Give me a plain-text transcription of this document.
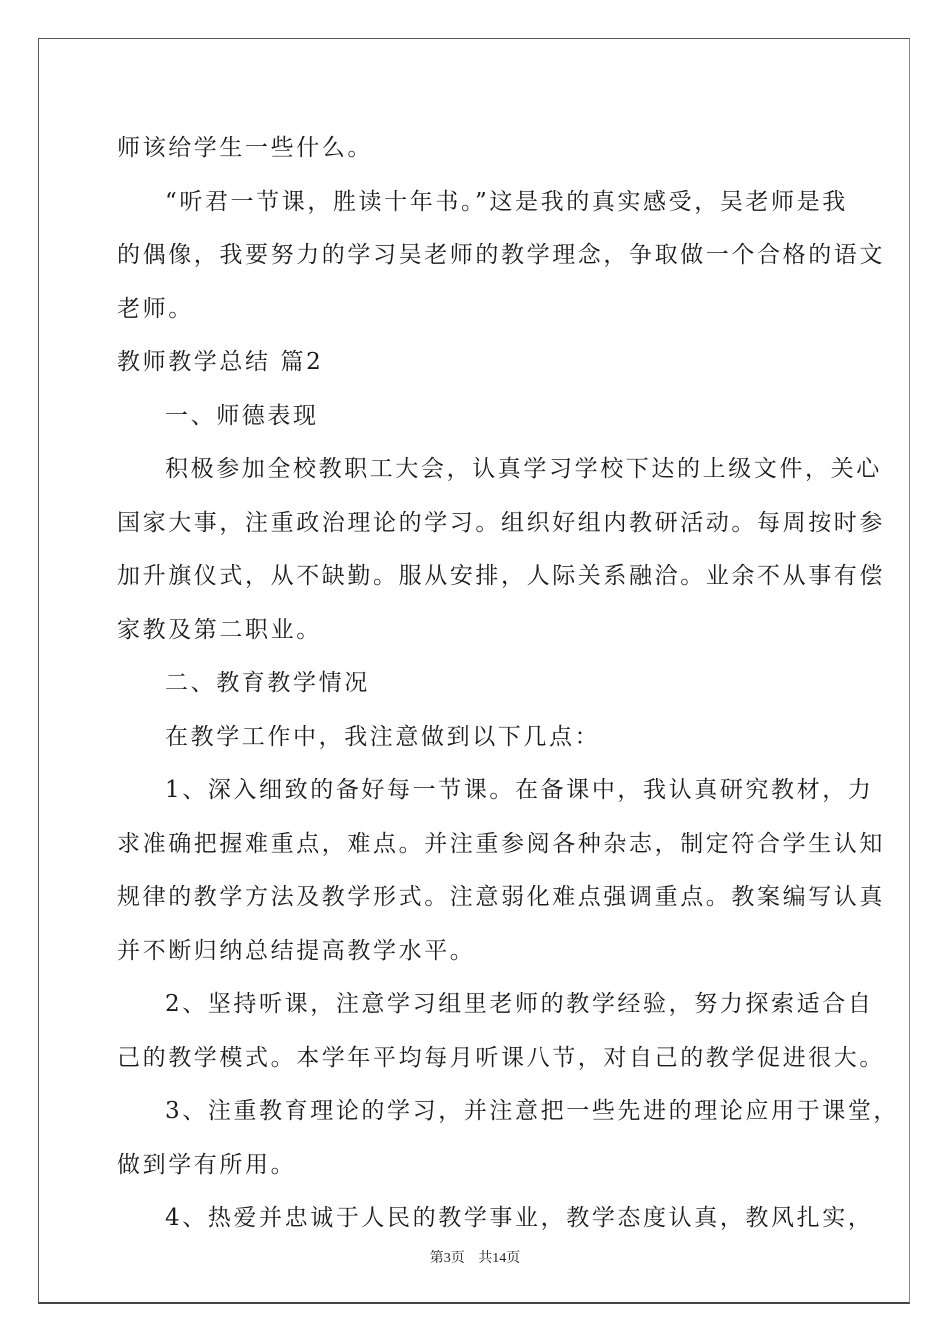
师该给学生一些什么。
“听君一节课，胜读十年书。”这是我的真实感受，吴老师是我
的偶像，我要努力的学习吴老师的教学理念，争取做一个合格的语文
老师。
教师教学总结 篇2
一、师德表现
积极参加全校教职工大会，认真学习学校下达的上级文件，关心
国家大事，注重政治理论的学习。组织好组内教研活动。每周按时参
加升旗仪式，从不缺勤。服从安排，人际关系融洽。业余不从事有偿
家教及第二职业。
二、教育教学情况
在教学工作中，我注意做到以下几点：
1、深入细致的备好每一节课。在备课中，我认真研究教材，力
求准确把握难重点，难点。并注重参阅各种杂志，制定符合学生认知
规律的教学方法及教学形式。注意弱化难点强调重点。教案编写认真
并不断归纳总结提高教学水平。
2、坚持听课，注意学习组里老师的教学经验，努力探索适合自
己的教学模式。本学年平均每月听课八节，对自己的教学促进很大。
3、注重教育理论的学习，并注意把一些先进的理论应用于课堂，
做到学有所用。
4、热爱并忠诚于人民的教学事业，教学态度认真，教风扎实，
第3页 共14页
